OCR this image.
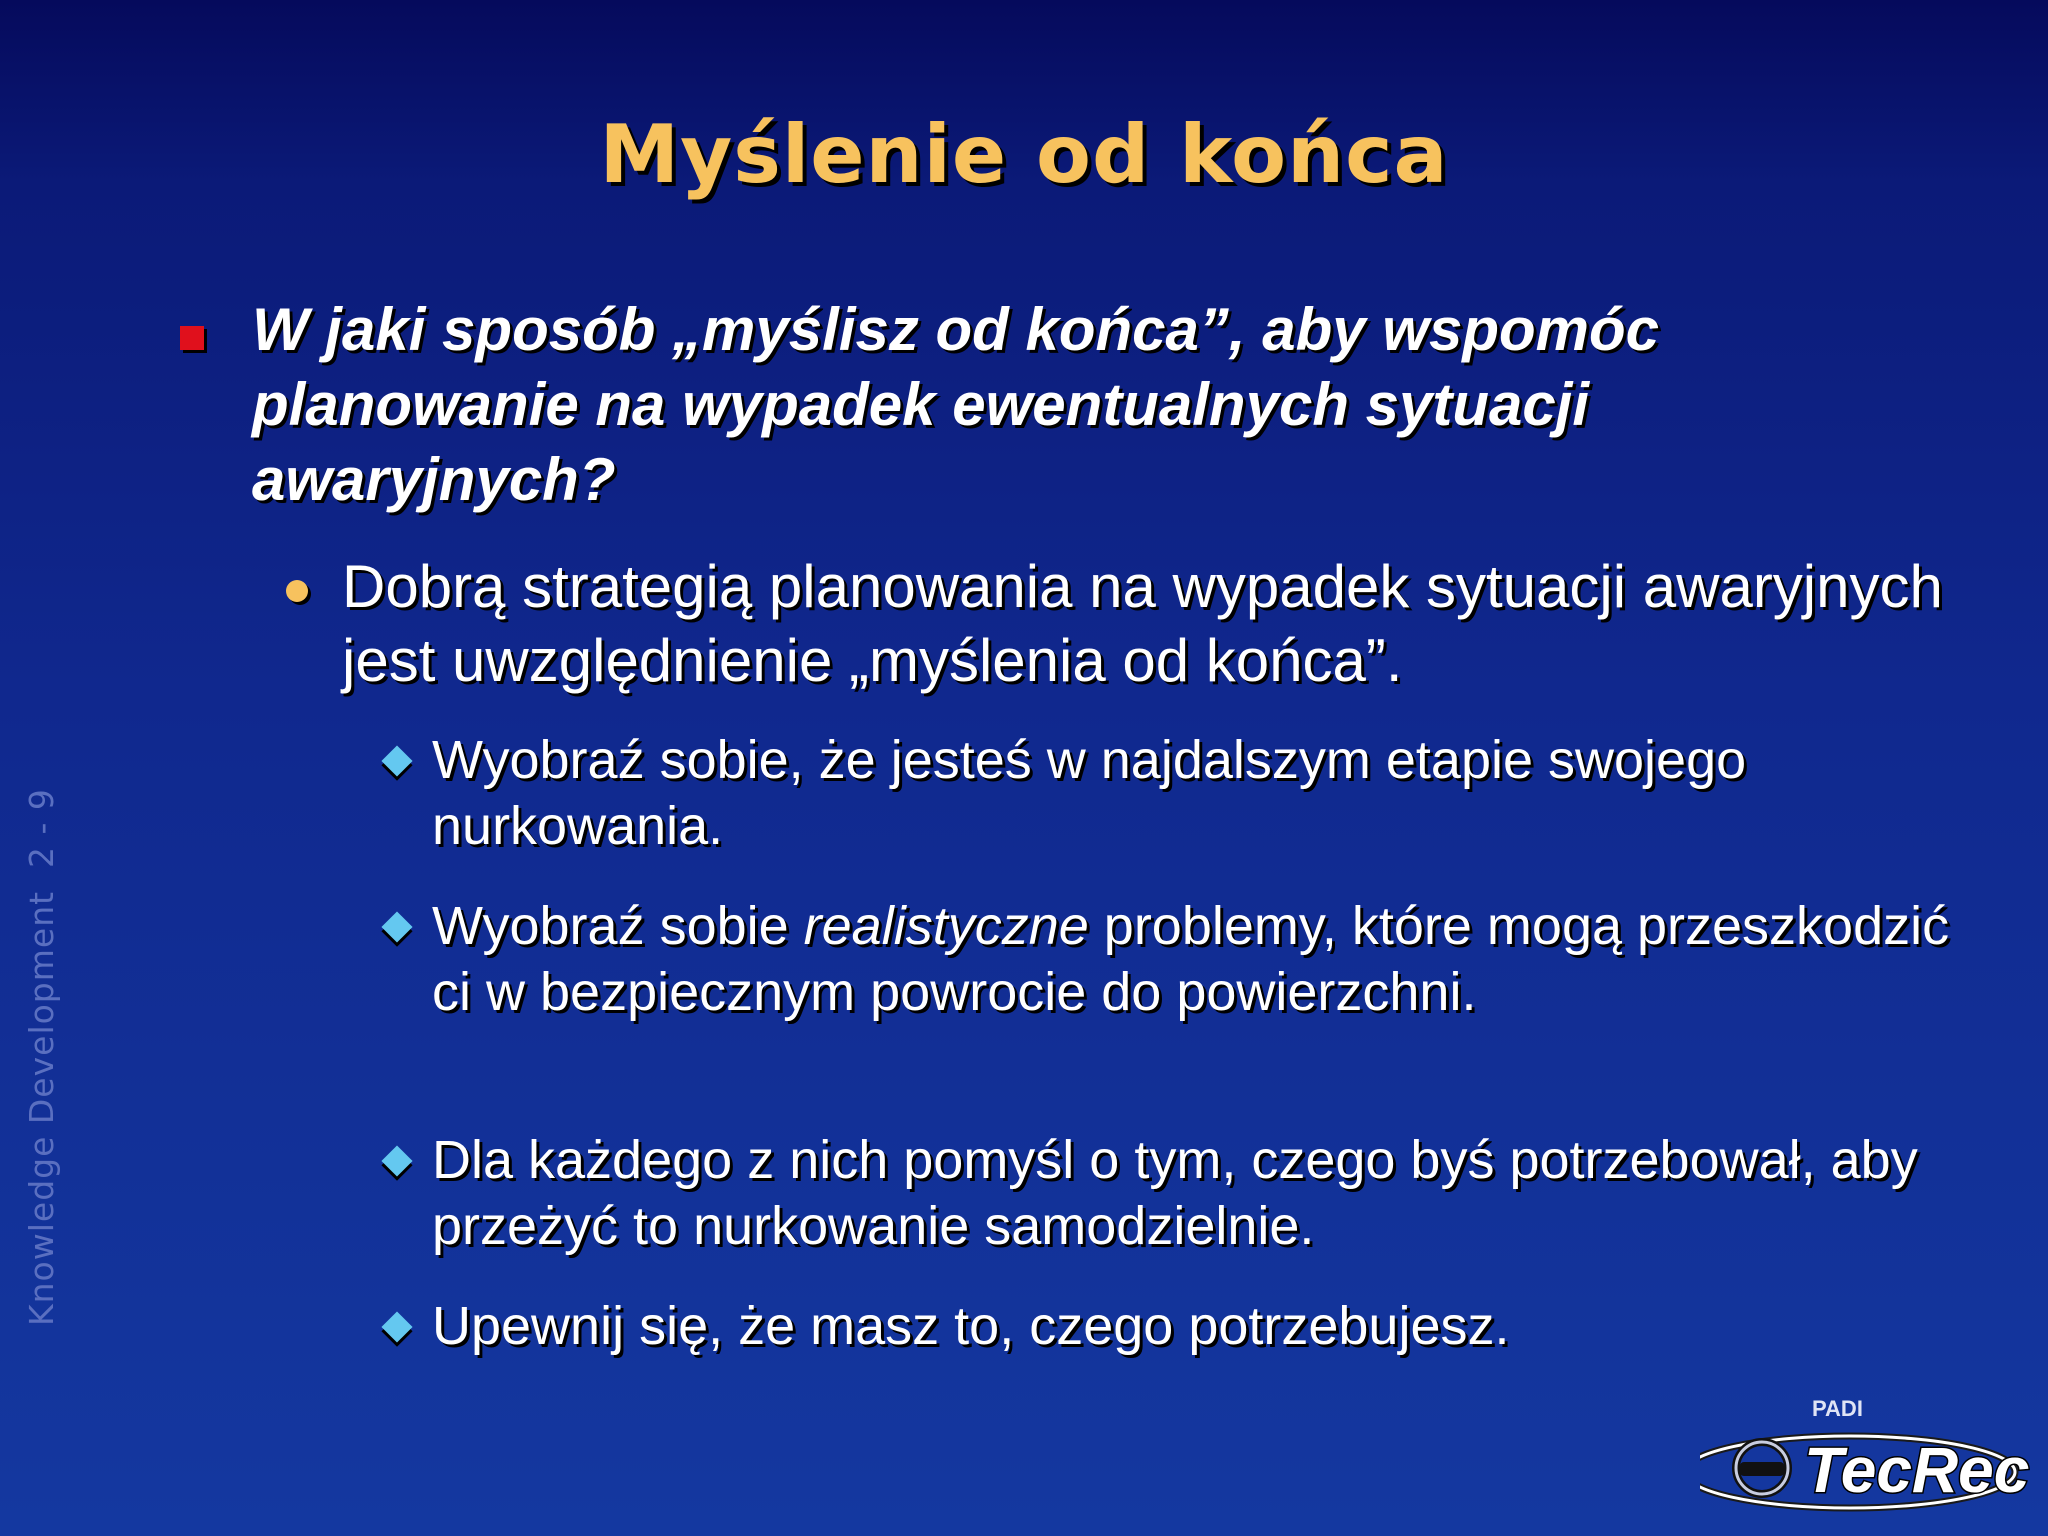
Myślenie od końca
W jaki sposób „myślisz od końca”, aby wspomóc planowanie na wypadek ewentualnych sytuacji awaryjnych?
Dobrą strategią planowania na wypadek sytuacji awaryjnych jest uwzględnienie „myślenia od końca”.
Wyobraź sobie, że jesteś w najdalszym etapie swojego nurkowania.
Wyobraź sobie realistyczne problemy, które mogą przeszkodzić ci w bezpiecznym powrocie do powierzchni.
Dla każdego z nich pomyśl o tym, czego byś potrzebował, aby przeżyć to nurkowanie samodzielnie.
Upewnij się, że masz to, czego potrzebujesz.
Knowledge Development  2 - 9
PADI
TecRec
